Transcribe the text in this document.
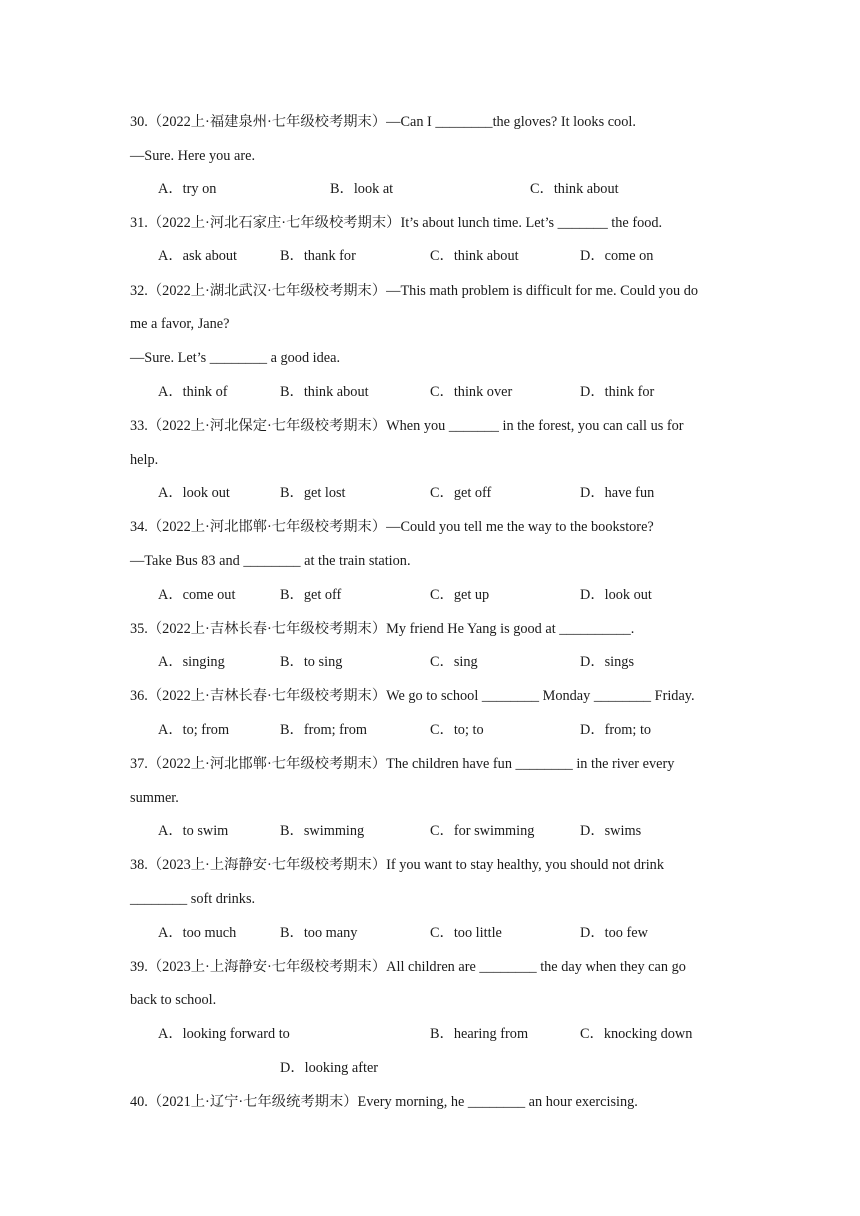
30.（2022上·福建泉州·七年级校考期末）—Can I ________the gloves? It looks cool.
—Sure. Here you are.
A．try on	B．look at	C．think about
31.（2022上·河北石家庄·七年级校考期末）It’s about lunch time. Let’s _______ the food.
A．ask about	B．thank for	C．think about	D．come on
32.（2022上·湖北武汉·七年级校考期末）—This math problem is difficult for me. Could you do
me a favor, Jane?
—Sure. Let’s ________ a good idea.
A．think of	B．think about	C．think over	D．think for
33.（2022上·河北保定·七年级校考期末）When you _______ in the forest, you can call us for
help.
A．look out	B．get lost	C．get off	D．have fun
34.（2022上·河北邯郸·七年级校考期末）—Could you tell me the way to the bookstore?
—Take Bus 83 and ________ at the train station.
A．come out	B．get off	C．get up	D．look out
35.（2022上·吉林长春·七年级校考期末）My friend He Yang is good at __________.
A．singing	B．to sing	C．sing	D．sings
36.（2022上·吉林长春·七年级校考期末）We go to school ________ Monday ________ Friday.
A．to; from	B．from; from	C．to; to	D．from; to
37.（2022上·河北邯郸·七年级校考期末）The children have fun ________ in the river every
summer.
A．to swim	B．swimming	C．for swimming	D．swims
38.（2023上·上海静安·七年级校考期末）If you want to stay healthy, you should not drink
________ soft drinks.
A．too much	B．too many	C．too little	D．too few
39.（2023上·上海静安·七年级校考期末）All children are ________ the day when they can go
back to school.
A．looking forward to	B．hearing from	C．knocking down
D．looking after
40.（2021上·辽宁·七年级统考期末）Every morning, he ________ an hour exercising.
